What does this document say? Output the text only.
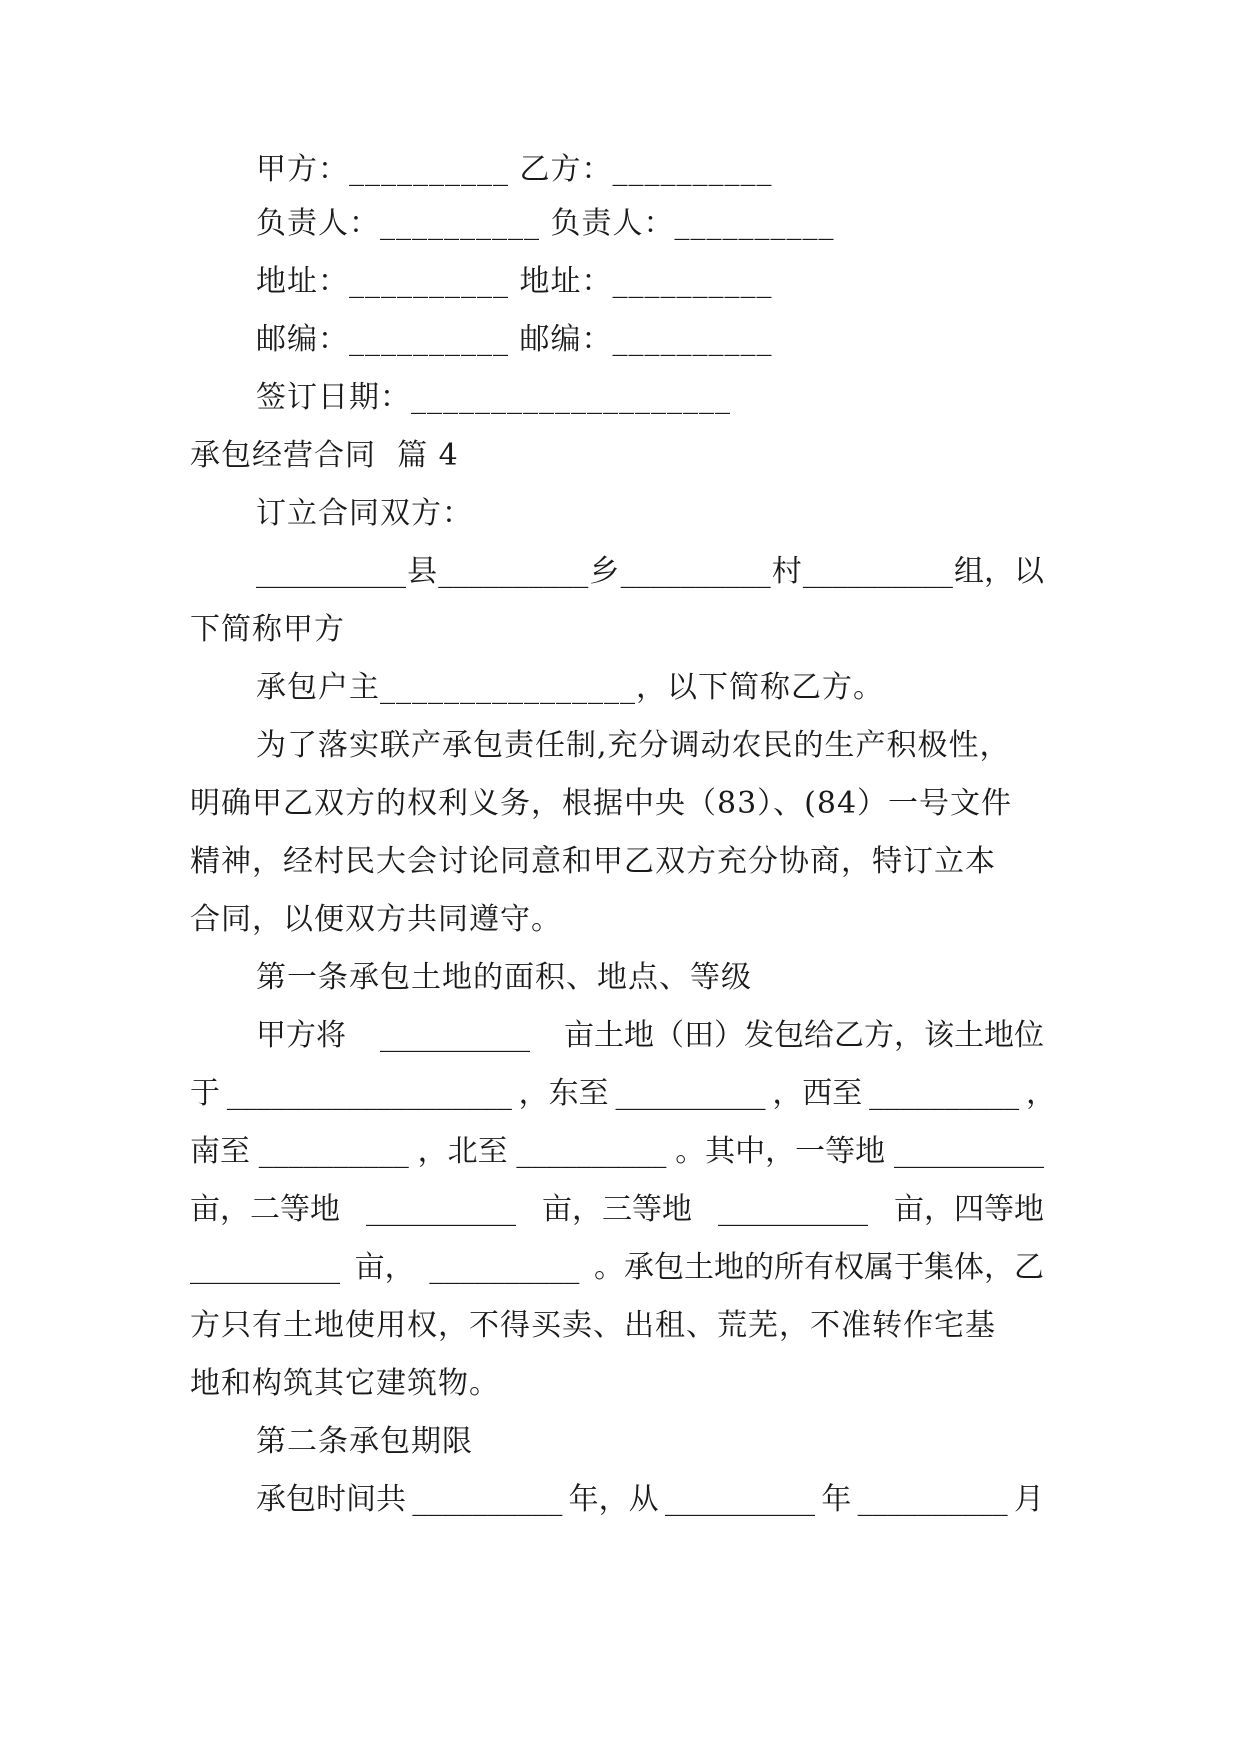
甲方：__________ 乙方：__________
负责人：__________ 负责人：__________
地址：__________ 地址：__________
邮编：__________ 邮编：__________
签订日期：____________________
承包经营合同  篇 4
订立合同双方：
__________ 县 __________ 乡 __________ 村 __________ 组，以
下简称甲方
承包户主________________，以下简称乙方。
为了落实联产承包责任制,充分调动农民的生产积极性，
明确甲乙双方的权利义务，根据中央（83）、(84）一号文件
精神，经村民大会讨论同意和甲乙双方充分协商，特订立本
合同，以便双方共同遵守。
第一条承包土地的面积、地点、等级
甲方将 __________ 亩土地（田）发包给乙方，该土地位
于 ___________________ ，东至 __________ ，西至 __________ ，
南至 __________ ，北至 __________ 。其中，一等地 __________
亩，二等地 __________ 亩，三等地 __________ 亩，四等地
__________ 亩， __________ 。承包土地的所有权属于集体，乙
方只有土地使用权，不得买卖、出租、荒芜，不准转作宅基
地和构筑其它建筑物。
第二条承包期限
承包时间共 __________ 年，从 __________ 年 __________ 月
